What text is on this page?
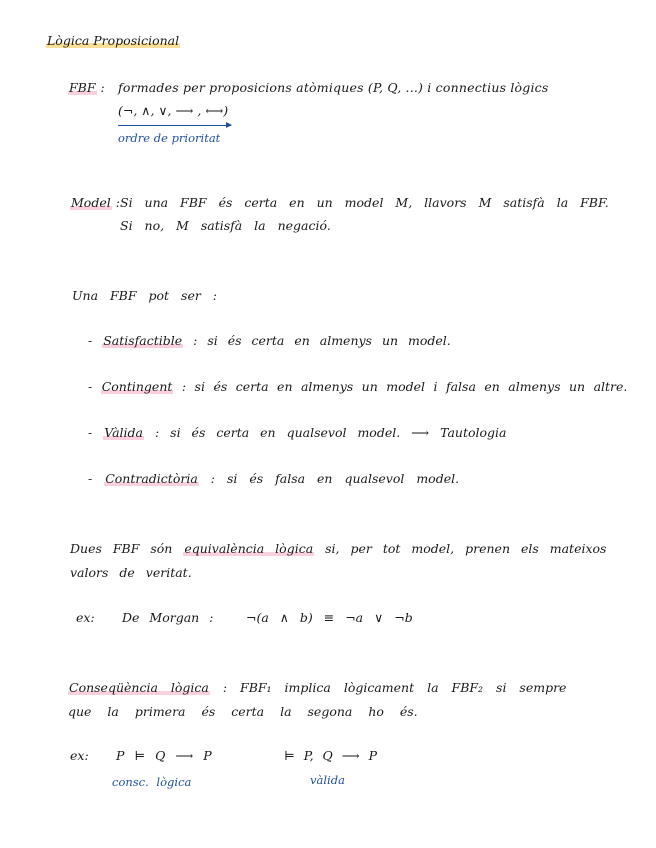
Lògica Proposicional
FBF : formades per proposicions atòmiques (P, Q, ...) i connectius lògics
(¬, ∧, ∨, ⟶ , ⟷)
ordre de prioritat
Model : Si una FBF és certa en un model M, llavors M satisfà la FBF.
Si no, M satisfà la negació.
Una FBF pot ser :
- Satisfactible : si és certa en almenys un model.
- Contingent : si és certa en almenys un model i falsa en almenys un altre.
- Vàlida : si és certa en qualsevol model. ⟶ Tautologia
- Contradictòria : si és falsa en qualsevol model.
Dues FBF són equivalència lògica si, per tot model, prenen els mateixos
valors de veritat.
ex: De Morgan :	¬(a ∧ b) ≡ ¬a ∨ ¬b
Conseqüència lògica : FBF₁ implica lògicament la FBF₂ si sempre
que la primera és certa la segona ho és.
ex: P ⊨ Q ⟶ P
consc. lògica
⊨ P, Q ⟶ P
vàlida
